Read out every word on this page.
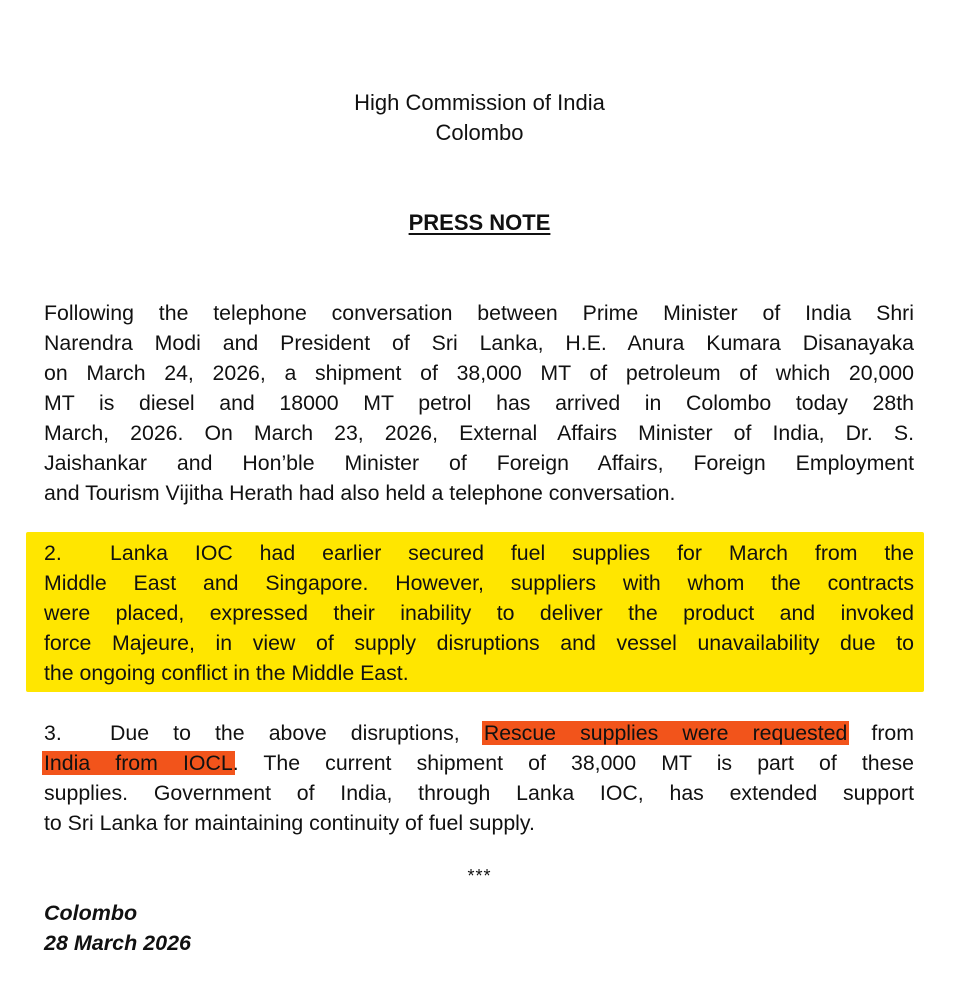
High Commission of India
Colombo
PRESS NOTE
Following the telephone conversation between Prime Minister of India Shri
Narendra Modi and President of Sri Lanka, H.E. Anura Kumara Disanayaka
on March 24, 2026, a shipment of 38,000 MT of petroleum of which 20,000
MT is diesel and 18000 MT petrol has arrived in Colombo today 28th
March, 2026. On March 23, 2026, External Affairs Minister of India, Dr. S.
Jaishankar and Hon’ble Minister of Foreign Affairs, Foreign Employment
and Tourism Vijitha Herath had also held a telephone conversation.
2. Lanka IOC had earlier secured fuel supplies for March from the
Middle East and Singapore. However, suppliers with whom the contracts
were placed, expressed their inability to deliver the product and invoked
force Majeure, in view of supply disruptions and vessel unavailability due to
the ongoing conflict in the Middle East.
3. Due to the above disruptions, Rescue supplies were requested from
India from IOCL. The current shipment of 38,000 MT is part of these
supplies. Government of India, through Lanka IOC, has extended support
to Sri Lanka for maintaining continuity of fuel supply.
***
Colombo
28 March 2026
